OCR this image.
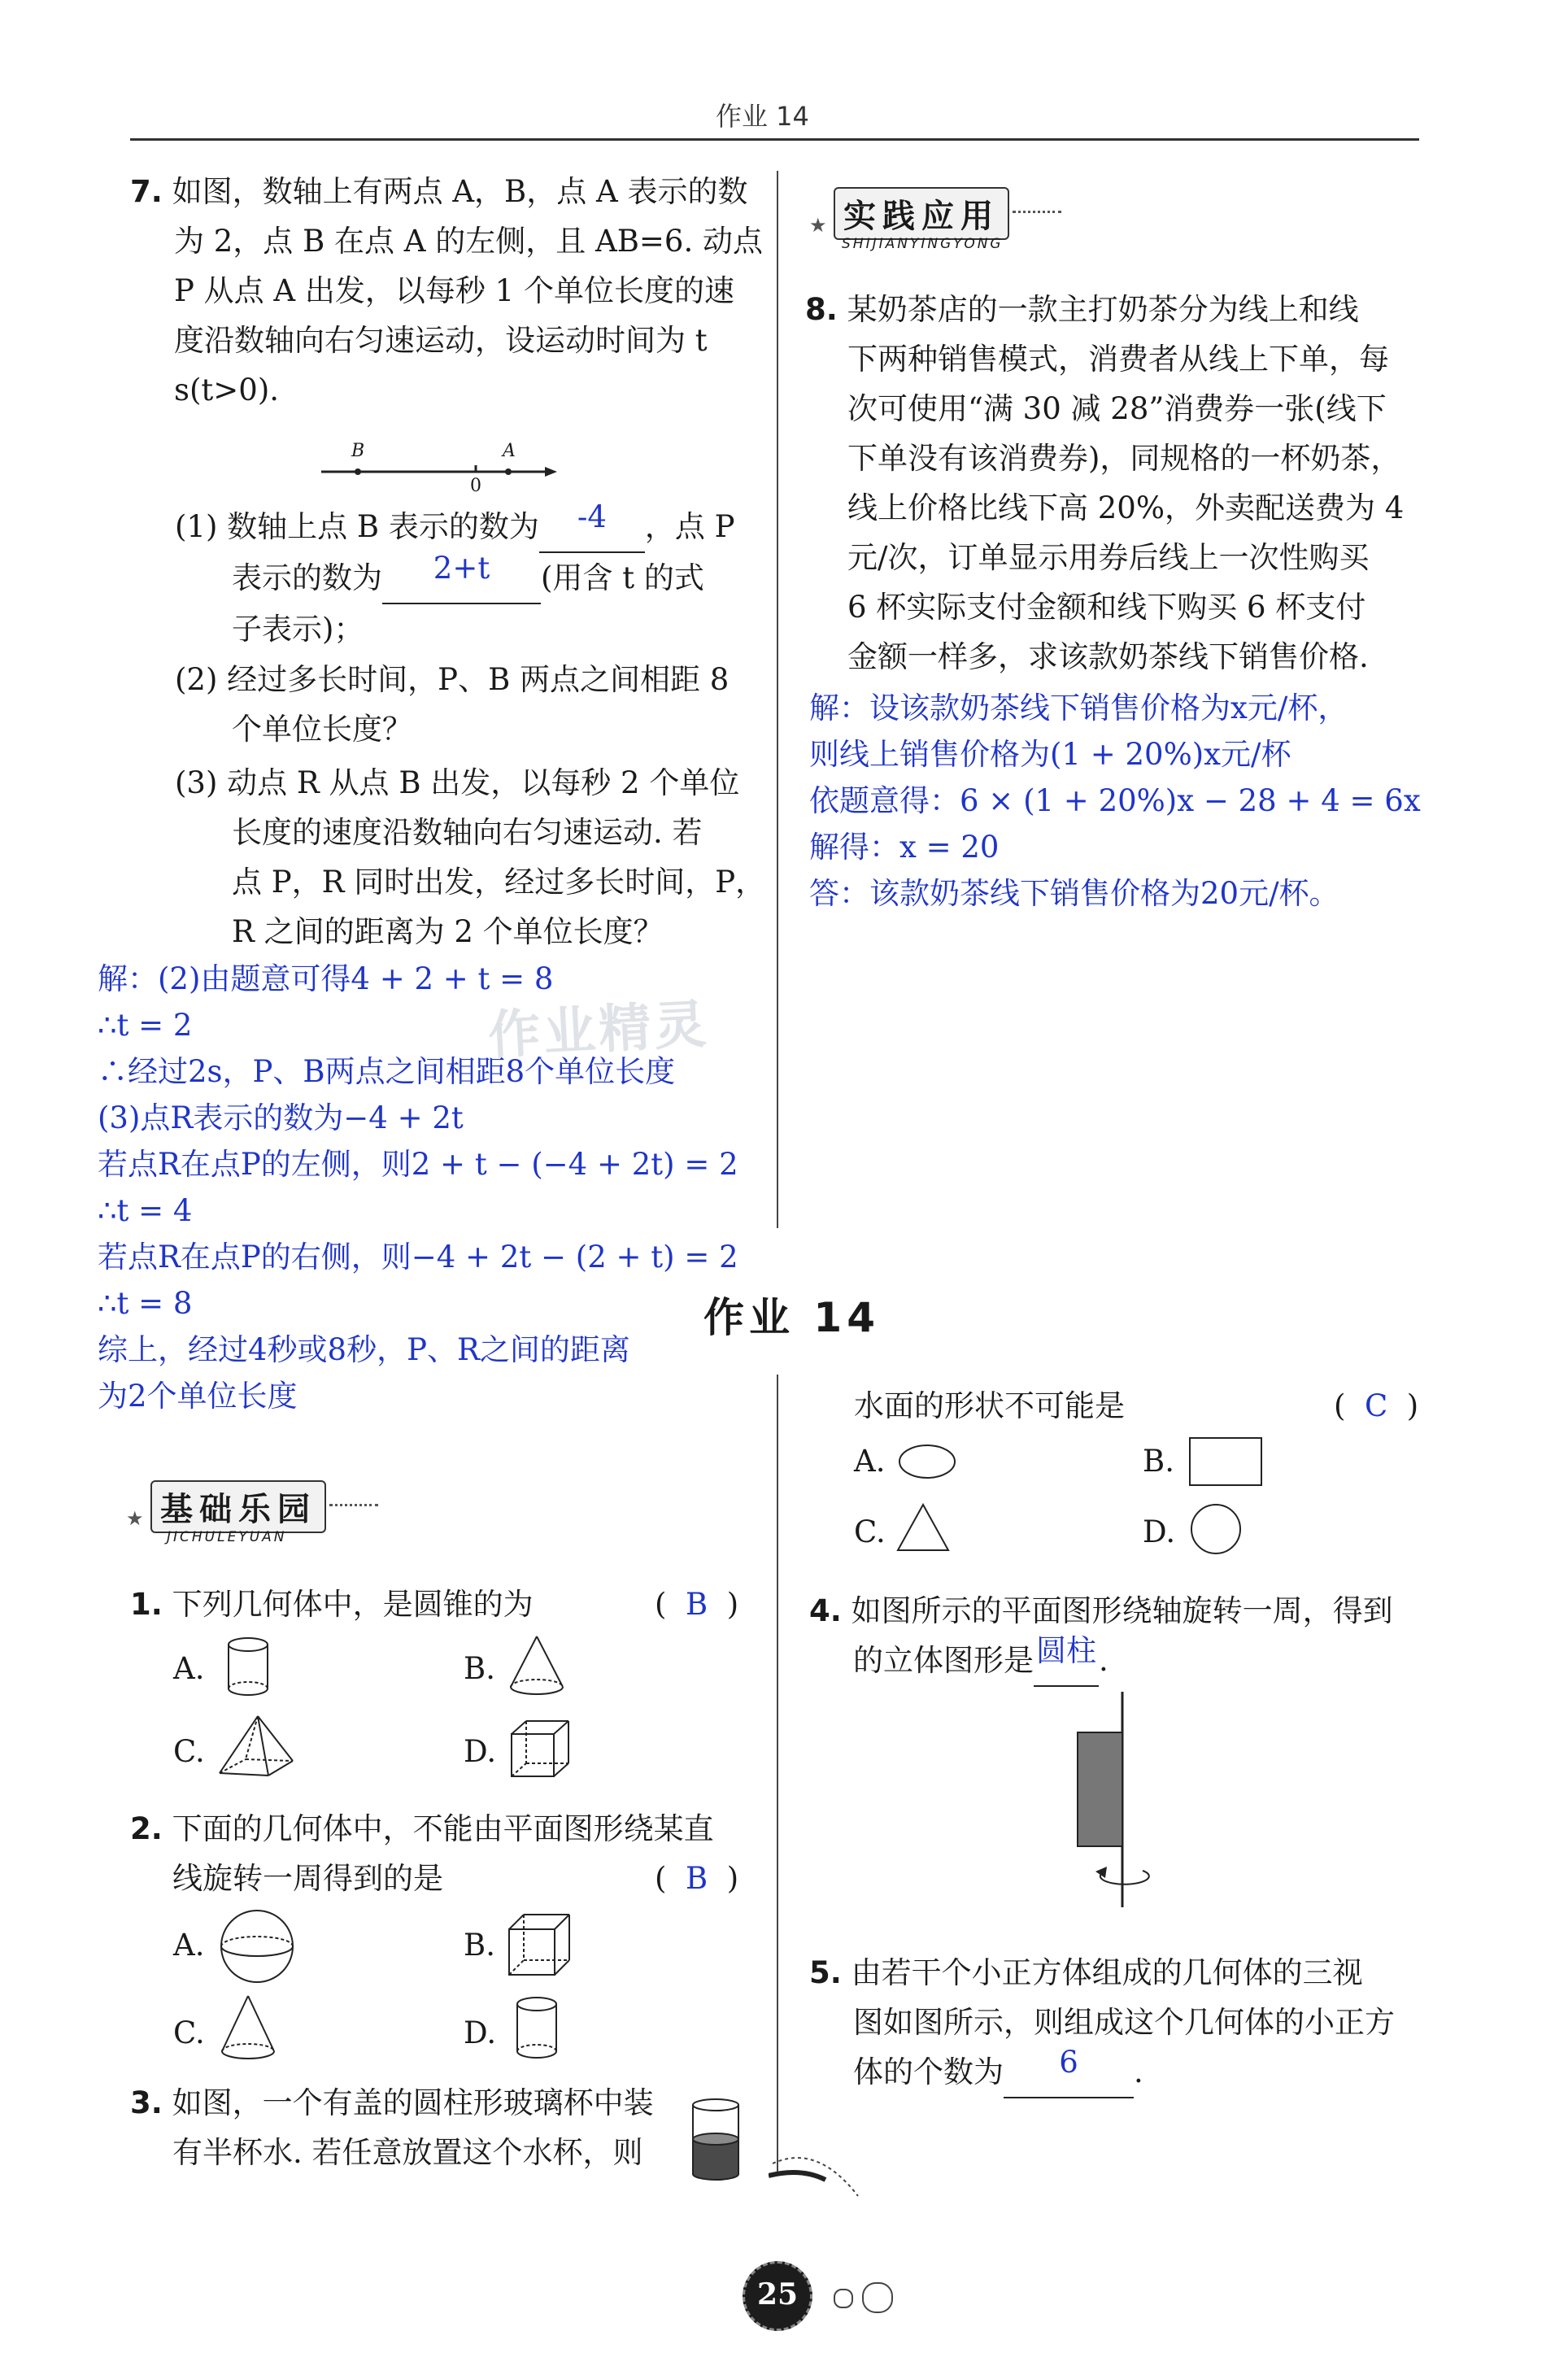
作业 14
作业精灵
7. 如图，数轴上有两点 A，B，点 A 表示的数
为 2，点 B 在点 A 的左侧，且 AB=6. 动点
P 从点 A 出发，以每秒 1 个单位长度的速
度沿数轴向右匀速运动，设运动时间为 t
s(t>0).
B	A
0
(1) 数轴上点 B 表示的数为 -4 ，点 P
表示的数为 2+t (用含 t 的式
子表示)；
(2) 经过多长时间，P、B 两点之间相距 8
个单位长度？
(3) 动点 R 从点 B 出发，以每秒 2 个单位
长度的速度沿数轴向右匀速运动. 若
点 P，R 同时出发，经过多长时间，P，
R 之间的距离为 2 个单位长度？
解：(2)由题意可得4 + 2 + t = 8
∴t = 2
∴经过2s，P、B两点之间相距8个单位长度
(3)点R表示的数为−4 + 2t
若点R在点P的左侧，则2 + t − (−4 + 2t) = 2
∴t = 4
若点R在点P的右侧，则−4 + 2t − (2 + t) = 2
∴t = 8
综上，经过4秒或8秒，P、R之间的距离
为2个单位长度
★ 实践应用
SHIJIANYINGYONG
8. 某奶茶店的一款主打奶茶分为线上和线
下两种销售模式，消费者从线上下单，每
次可使用“满 30 减 28”消费券一张(线下
下单没有该消费券)，同规格的一杯奶茶，
线上价格比线下高 20%，外卖配送费为 4
元/次，订单显示用券后线上一次性购买
6 杯实际支付金额和线下购买 6 杯支付
金额一样多，求该款奶茶线下销售价格.
解：设该款奶茶线下销售价格为x元/杯，
则线上销售价格为(1 + 20%)x元/杯
依题意得：6 × (1 + 20%)x − 28 + 4 = 6x
解得：x = 20
答：该款奶茶线下销售价格为20元/杯。
作业 14
★ 基础乐园
JICHULEYUAN
1. 下列几何体中，是圆锥的为	(  B  )
A.	B.
C.	D.
2. 下面的几何体中，不能由平面图形绕某直
线旋转一周得到的是	(  B  )
A.	B.
C.	D.
3. 如图，一个有盖的圆柱形玻璃杯中装
有半杯水. 若任意放置这个水杯，则
水面的形状不可能是	(  C  )
A.	B.
C.	D.
4. 如图所示的平面图形绕轴旋转一周，得到
的立体图形是圆柱.
5. 由若干个小正方体组成的几何体的三视
图如图所示，则组成这个几何体的小正方
体的个数为 6 .
25
